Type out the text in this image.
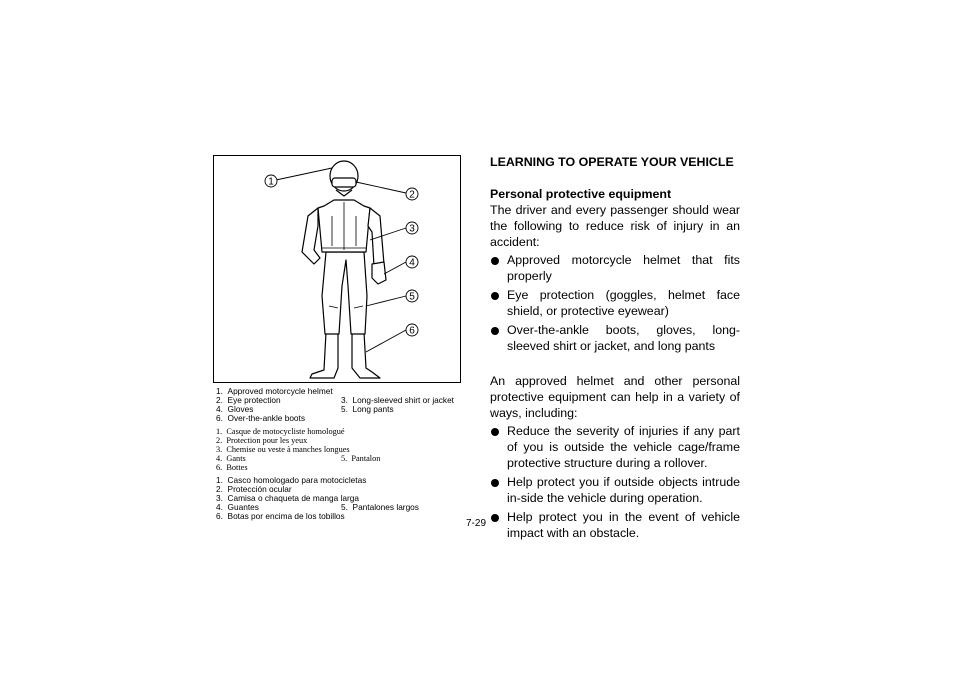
1
2
3
4
5
6
1.  Approved motorcycle helmet
2.  Eye protection	3.  Long-sleeved shirt or jacket
4.  Gloves	5.  Long pants
6.  Over-the-ankle boots
1.  Casque de motocycliste homologué
2.  Protection pour les yeux
3.  Chemise ou veste à manches longues
4.  Gants	5.  Pantalon
6.  Bottes
1.  Casco homologado para motocicletas
2.  Protección ocular
3.  Camisa o chaqueta de manga larga
4.  Guantes	5.  Pantalones largos
6.  Botas por encima de los tobillos
7-29
LEARNING TO OPERATE YOUR VEHICLE
Personal protective equipment

The driver and every passenger should wear the following to reduce risk of injury in an accident:

Approved motorcycle helmet that fits properly
Eye protection (goggles, helmet face shield, or protective eyewear)
Over-the-ankle boots, gloves, long-sleeved shirt or jacket, and long pants

An approved helmet and other personal protective equipment can help in a variety of ways, including:

Reduce the severity of injuries if any part of you is outside the vehicle cage/frame protective structure during a rollover.
Help protect you if outside objects intrude in-side the vehicle during operation.
Help protect you in the event of vehicle impact with an obstacle.
